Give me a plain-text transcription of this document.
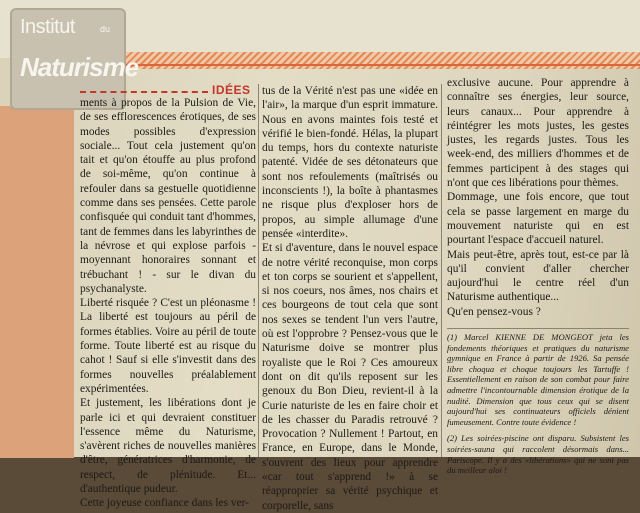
Institut	du
Naturisme
IDÉES

ments à propos de la Pulsion de Vie, de ses efflorescences érotiques, de ses modes possibles d'expression sociale... Tout cela justement qu'on tait et qu'on étouffe au plus profond de soi-même, qu'on continue à refouler dans sa gestuelle quotidienne comme dans ses pensées. Cette parole confisquée qui conduit tant d'hommes, tant de femmes dans les labyrinthes de la névrose et qui explose parfois - moyennant honoraires sonnant et trébuchant ! - sur le divan du psychanalyste.

Liberté risquée ? C'est un pléonasme ! La liberté est toujours au péril de formes établies. Voire au péril de toute forme. Toute liberté est au risque du cahot ! Sauf si elle s'investit dans des formes nouvelles préalablement expérimentées.

Et justement, les libérations dont je parle ici et qui devraient constituer l'essence même du Naturisme, s'avèrent riches de nouvelles manières d'être, génératrices d'harmonie, de respect, de plénitude. Et... d'authentique pudeur.

Cette joyeuse confiance dans les ver-

tus de la Vérité n'est pas une «idée en l'air», la marque d'un esprit immature. Nous en avons maintes fois testé et vérifié le bien-fondé. Hélas, la plupart du temps, hors du contexte naturiste patenté. Vidée de ses détonateurs que sont nos refoulements (maîtrisés ou inconscients !), la boîte à phantasmes ne risque plus d'exploser hors de propos, au simple allumage d'une pensée «interdite».

Et si d'aventure, dans le nouvel espace de notre vérité reconquise, mon corps et ton corps se sourient et s'appellent, si nos coeurs, nos âmes, nos chairs et ces bourgeons de tout cela que sont nos sexes se tendent l'un vers l'autre, où est l'opprobre ? Pensez-vous que le Naturisme doive se montrer plus royaliste que le Roi ? Ces amoureux dont on dit qu'ils reposent sur les genoux du Bon Dieu, revient-il à la Curie naturiste de les en faire choir et de les chasser du Paradis retrouvé ? Provocation ? Nullement ! Partout, en France, en Europe, dans le Monde, s'ouvrent des lieux pour apprendre «car tout s'apprend !» à se réapproprier sa vérité psychique et corporelle, sans

exclusive aucune. Pour apprendre à connaître ses énergies, leur source, leurs canaux... Pour apprendre à réintégrer les mots justes, les gestes justes, les regards justes. Tous les week-end, des milliers d'hommes et de femmes participent à des stages qui n'ont que ces libérations pour thèmes.

Dommage, une fois encore, que tout cela se passe largement en marge du mouvement naturiste qui en est pourtant l'espace d'accueil naturel.

Mais peut-être, après tout, est-ce par là qu'il convient d'aller chercher aujourd'hui le centre réel d'un Naturisme authentique...

Qu'en pensez-vous ?

(1) Marcel KIENNE DE MONGEOT jeta les fondements théoriques et pratiques du naturisme gymnique en France à partir de 1926. Sa pensée libre choqua et choque toujours les Tartuffe ! Essentiellement en raison de son combat pour faire admettre l'incontournable dimension érotique de la nudité. Dimension que tous ceux qui se disent aujourd'hui ses continuateurs officiels dénient fumeusement. Contre toute évidence !

(2) Les soirées-piscine ont disparu. Subsistent les soirées-sauna qui raccolent désormais dans... Pariscope. Il y a des «libérations» qui ne sont pas du meilleur aloi !
